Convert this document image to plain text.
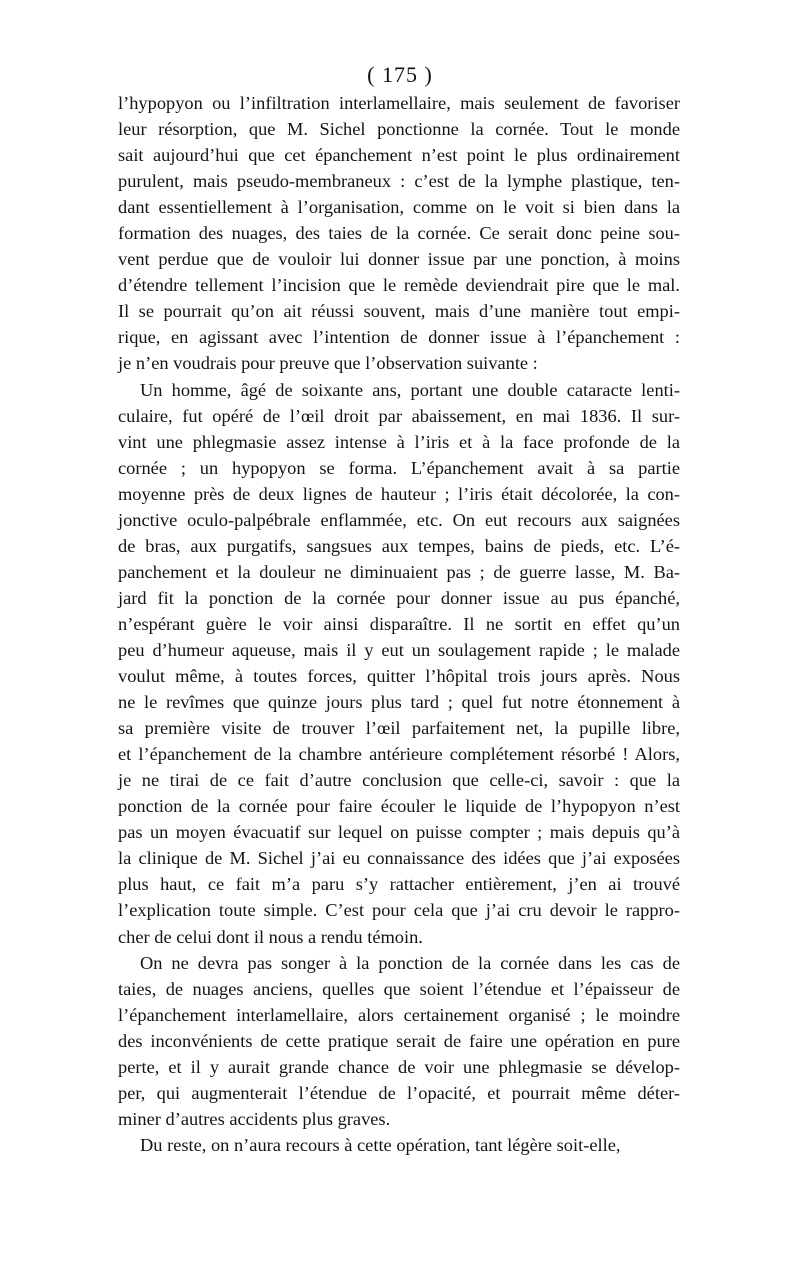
( 175 )
l’hypopyon ou l’infiltration interlamellaire, mais seulement de favoriser
leur résorption, que M. Sichel ponctionne la cornée. Tout le monde
sait aujourd’hui que cet épanchement n’est point le plus ordinairement
purulent, mais pseudo-membraneux : c’est de la lymphe plastique, ten-
dant essentiellement à l’organisation, comme on le voit si bien dans la
formation des nuages, des taies de la cornée. Ce serait donc peine sou-
vent perdue que de vouloir lui donner issue par une ponction, à moins
d’étendre tellement l’incision que le remède deviendrait pire que le mal.
Il se pourrait qu’on ait réussi souvent, mais d’une manière tout empi-
rique, en agissant avec l’intention de donner issue à l’épanchement :
je n’en voudrais pour preuve que l’observation suivante :
Un homme, âgé de soixante ans, portant une double cataracte lenti-
culaire, fut opéré de l’œil droit par abaissement, en mai 1836. Il sur-
vint une phlegmasie assez intense à l’iris et à la face profonde de la
cornée ; un hypopyon se forma. L’épanchement avait à sa partie
moyenne près de deux lignes de hauteur ; l’iris était décolorée, la con-
jonctive oculo-palpébrale enflammée, etc. On eut recours aux saignées
de bras, aux purgatifs, sangsues aux tempes, bains de pieds, etc. L’é-
panchement et la douleur ne diminuaient pas ; de guerre lasse, M. Ba-
jard fit la ponction de la cornée pour donner issue au pus épanché,
n’espérant guère le voir ainsi disparaître. Il ne sortit en effet qu’un
peu d’humeur aqueuse, mais il y eut un soulagement rapide ; le malade
voulut même, à toutes forces, quitter l’hôpital trois jours après. Nous
ne le revîmes que quinze jours plus tard ; quel fut notre étonnement à
sa première visite de trouver l’œil parfaitement net, la pupille libre,
et l’épanchement de la chambre antérieure complétement résorbé ! Alors,
je ne tirai de ce fait d’autre conclusion que celle-ci, savoir : que la
ponction de la cornée pour faire écouler le liquide de l’hypopyon n’est
pas un moyen évacuatif sur lequel on puisse compter ; mais depuis qu’à
la clinique de M. Sichel j’ai eu connaissance des idées que j’ai exposées
plus haut, ce fait m’a paru s’y rattacher entièrement, j’en ai trouvé
l’explication toute simple. C’est pour cela que j’ai cru devoir le rappro-
cher de celui dont il nous a rendu témoin.
On ne devra pas songer à la ponction de la cornée dans les cas de
taies, de nuages anciens, quelles que soient l’étendue et l’épaisseur de
l’épanchement interlamellaire, alors certainement organisé ; le moindre
des inconvénients de cette pratique serait de faire une opération en pure
perte, et il y aurait grande chance de voir une phlegmasie se dévelop-
per, qui augmenterait l’étendue de l’opacité, et pourrait même déter-
miner d’autres accidents plus graves.
Du reste, on n’aura recours à cette opération, tant légère soit-elle,
